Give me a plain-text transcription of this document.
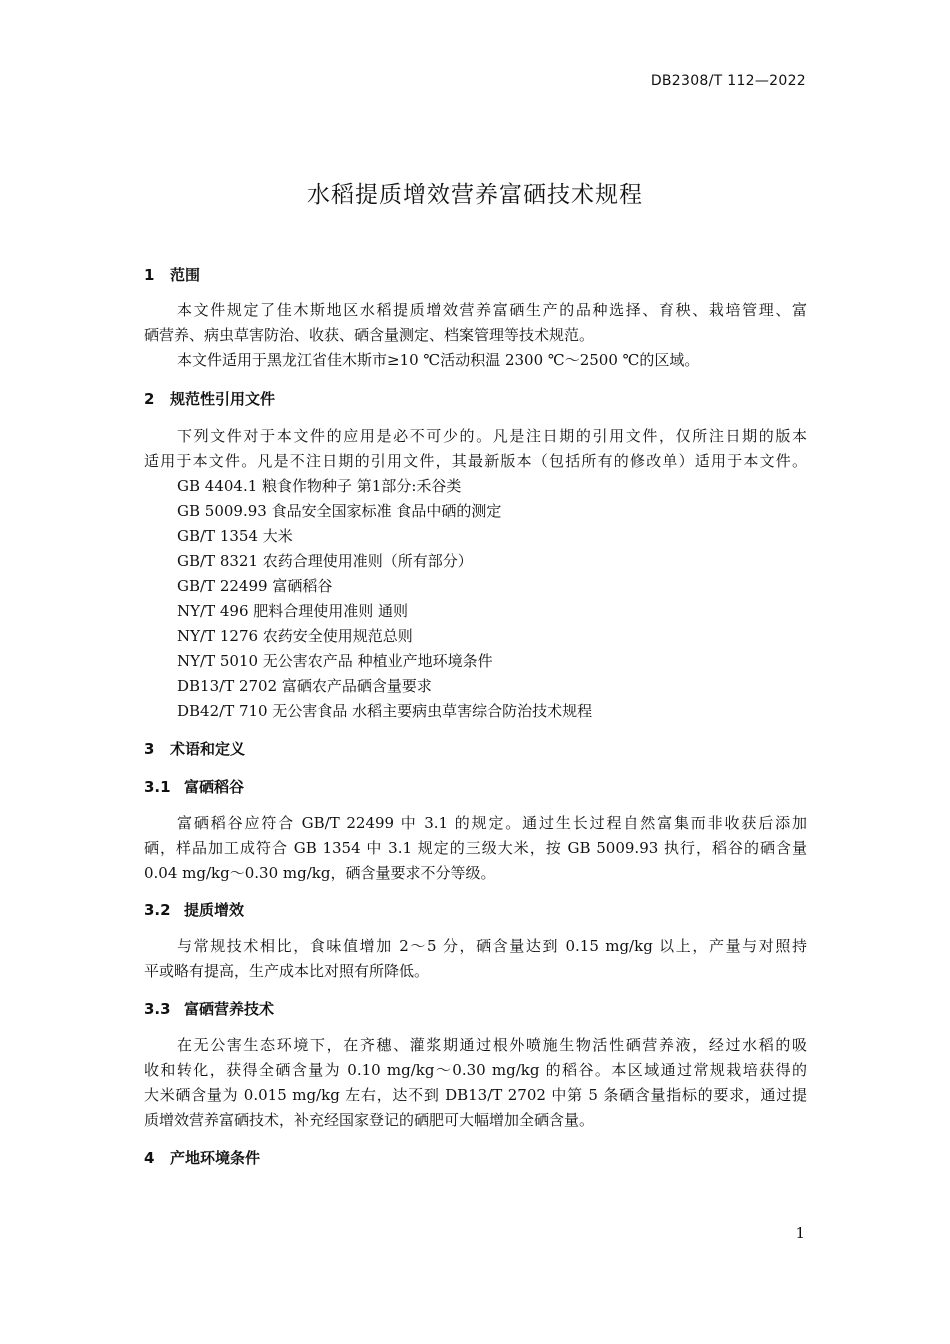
DB2308/T 112—2022
水稻提质增效营养富硒技术规程
1 范围
本文件规定了佳木斯地区水稻提质增效营养富硒生产的品种选择、育秧、栽培管理、富
硒营养、病虫草害防治、收获、硒含量测定、档案管理等技术规范。
本文件适用于黑龙江省佳木斯市≥10 ℃活动积温 2300 ℃～2500 ℃的区域。
2 规范性引用文件
下列文件对于本文件的应用是必不可少的。凡是注日期的引用文件，仅所注日期的版本
适用于本文件。凡是不注日期的引用文件，其最新版本（包括所有的修改单）适用于本文件。
GB 4404.1 粮食作物种子 第1部分:禾谷类
GB 5009.93 食品安全国家标准 食品中硒的测定
GB/T 1354 大米
GB/T 8321 农药合理使用准则（所有部分）
GB/T 22499 富硒稻谷
NY/T 496 肥料合理使用准则 通则
NY/T 1276 农药安全使用规范总则
NY/T 5010 无公害农产品 种植业产地环境条件
DB13/T 2702 富硒农产品硒含量要求
DB42/T 710 无公害食品 水稻主要病虫草害综合防治技术规程
3 术语和定义
3.1 富硒稻谷
富硒稻谷应符合 GB/T 22499 中 3.1 的规定。通过生长过程自然富集而非收获后添加
硒，样品加工成符合 GB 1354 中 3.1 规定的三级大米，按 GB 5009.93 执行，稻谷的硒含量
0.04 mg/kg～0.30 mg/kg，硒含量要求不分等级。
3.2 提质增效
与常规技术相比，食味值增加 2～5 分，硒含量达到 0.15 mg/kg 以上，产量与对照持
平或略有提高，生产成本比对照有所降低。
3.3 富硒营养技术
在无公害生态环境下，在齐穗、灌浆期通过根外喷施生物活性硒营养液，经过水稻的吸
收和转化，获得全硒含量为 0.10 mg/kg～0.30 mg/kg 的稻谷。本区域通过常规栽培获得的
大米硒含量为 0.015 mg/kg 左右，达不到 DB13/T 2702 中第 5 条硒含量指标的要求，通过提
质增效营养富硒技术，补充经国家登记的硒肥可大幅增加全硒含量。
4 产地环境条件
1
